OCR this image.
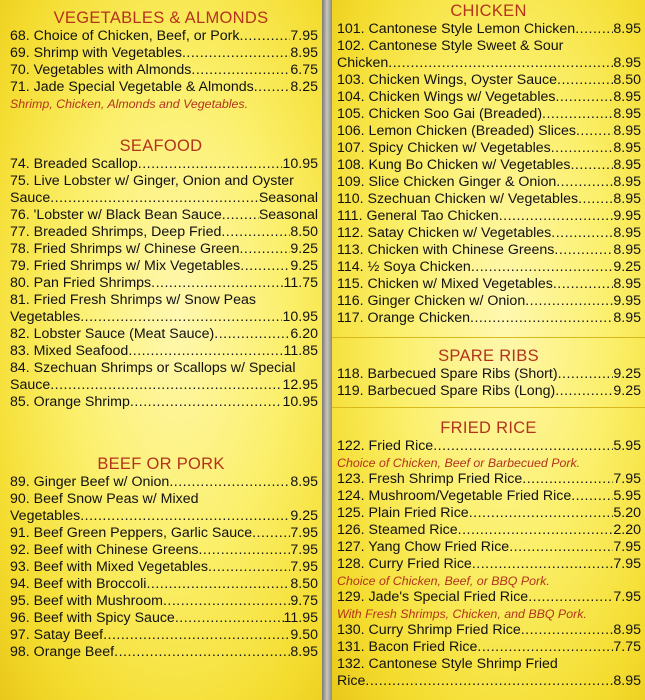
VEGETABLES & ALMONDS
68. Choice of Chicken, Beef, or Pork .....	7.95
69. Shrimp with Vegetables .....	8.95
70. Vegetables with Almonds .....	6.75
71. Jade Special Vegetable & Almonds .....	8.25
Shrimp, Chicken, Almonds and Vegetables.
SEAFOOD
74. Breaded Scallop .....	10.95
75. Live Lobster w/ Ginger, Onion and Oyster
Sauce .....	Seasonal
76. 'Lobster w/ Black Bean Sauce .....	Seasonal
77. Breaded Shrimps, Deep Fried .....	8.50
78. Fried Shrimps w/ Chinese Green .....	9.25
79. Fried Shrimps w/ Mix Vegetables .....	9.25
80. Pan Fried Shrimps .....	11.75
81. Fried Fresh Shrimps w/ Snow Peas
Vegetables .....	10.95
82. Lobster Sauce (Meat Sauce) .....	6.20
83. Mixed Seafood .....	11.85
84. Szechuan Shrimps or Scallops w/ Special
Sauce .....	12.95
85. Orange Shrimp .....	10.95
BEEF OR PORK
89. Ginger Beef w/ Onion .....	8.95
90. Beef Snow Peas w/ Mixed
Vegetables .....	9.25
91. Beef Green Peppers, Garlic Sauce .....	7.95
92. Beef with Chinese Greens .....	7.95
93. Beef with Mixed Vegetables .....	7.95
94. Beef with Broccoli .....	8.50
95. Beef with Mushroom .....	9.75
96. Beef with Spicy Sauce .....	11.95
97. Satay Beef .....	9.50
98. Orange Beef .....	8.95
CHICKEN
101. Cantonese Style Lemon Chicken .....	8.95
102. Cantonese Style Sweet & Sour
Chicken .....	8.95
103. Chicken Wings, Oyster Sauce .....	8.50
104. Chicken Wings w/ Vegetables .....	8.95
105. Chicken Soo Gai (Breaded) .....	8.95
106. Lemon Chicken (Breaded) Slices .....	8.95
107. Spicy Chicken w/ Vegetables .....	8.95
108. Kung Bo Chicken w/ Vegetables .....	8.95
109. Slice Chicken Ginger & Onion .....	8.95
110. Szechuan Chicken w/ Vegetables ..... 8.95
111. General Tao Chicken .....	9.95
112. Satay Chicken w/ Vegetables .....	8.95
113. Chicken with Chinese Greens .....	8.95
114. ½ Soya Chicken .....	9.25
115. Chicken w/ Mixed Vegetables .....	8.95
116. Ginger Chicken w/ Onion .....	9.95
117. Orange Chicken .....	8.95
SPARE RIBS
118. Barbecued Spare Ribs (Short) .....	9.25
119. Barbecued Spare Ribs (Long) .....	9.25
FRIED RICE
122. Fried Rice .....	5.95
Choice of Chicken, Beef or Barbecued Pork.
123. Fresh Shrimp Fried Rice .....	7.95
124. Mushroom/Vegetable Fried Rice .....	5.95
125. Plain Fried Rice .....	5.20
126. Steamed Rice .....	2.20
127. Yang Chow Fried Rice .....	7.95
128. Curry Fried Rice .....	7.95
Choice of Chicken, Beef, or BBQ Pork.
129. Jade's Special Fried Rice .....	7.95
With Fresh Shrimps, Chicken, and BBQ Pork.
130. Curry Shrimp Fried Rice .....	8.95
131. Bacon Fried Rice .....	7.75
132. Cantonese Style Shrimp Fried
Rice .....	8.95
